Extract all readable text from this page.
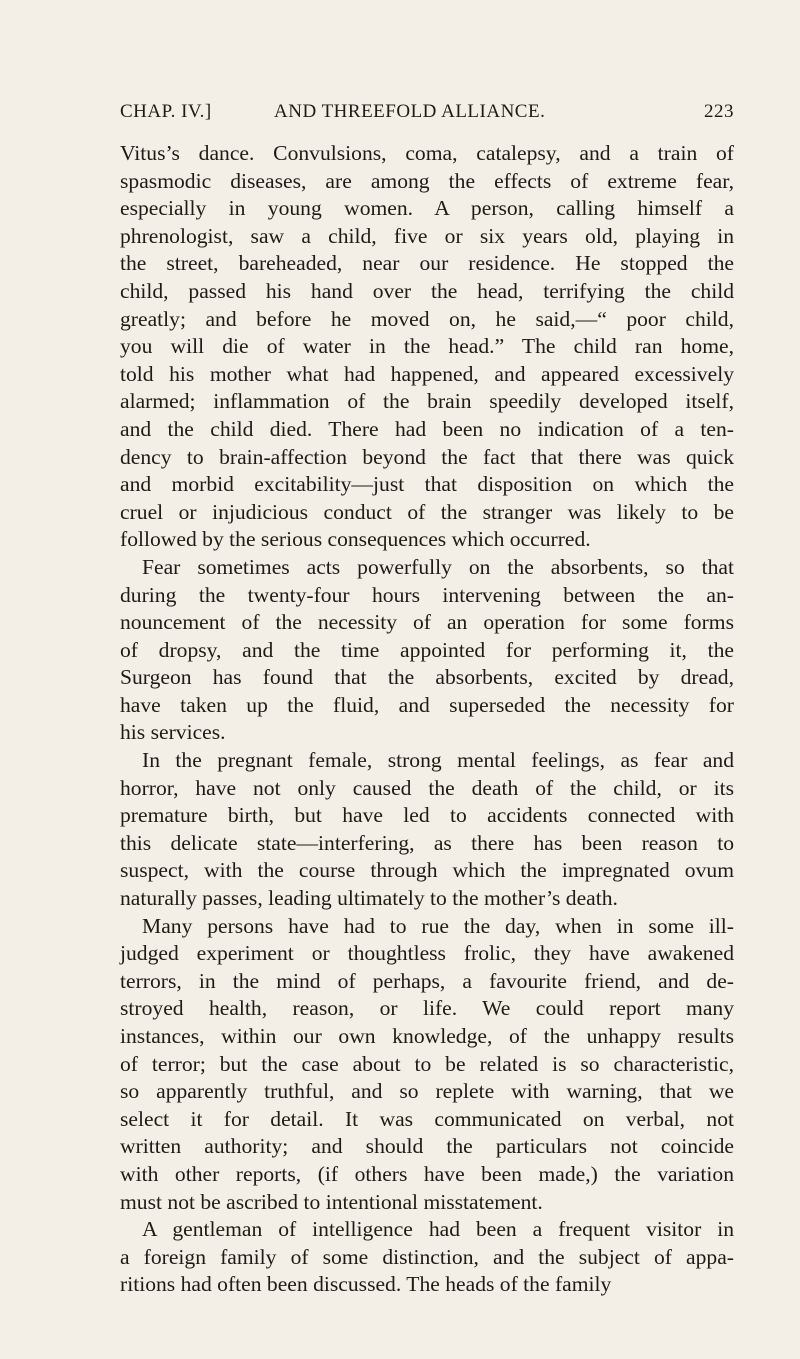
CHAP. IV.]	AND THREEFOLD ALLIANCE.	223
Vitus’s dance. Convulsions, coma, catalepsy, and a train of
spasmodic diseases, are among the effects of extreme fear,
especially in young women. A person, calling himself a
phrenologist, saw a child, five or six years old, playing in
the street, bareheaded, near our residence. He stopped the
child, passed his hand over the head, terrifying the child
greatly; and before he moved on, he said,—“ poor child,
you will die of water in the head.” The child ran home,
told his mother what had happened, and appeared excessively
alarmed; inflammation of the brain speedily developed itself,
and the child died. There had been no indication of a ten-
dency to brain-affection beyond the fact that there was quick
and morbid excitability—just that disposition on which the
cruel or injudicious conduct of the stranger was likely to be
followed by the serious consequences which occurred.
Fear sometimes acts powerfully on the absorbents, so that
during the twenty-four hours intervening between the an-
nouncement of the necessity of an operation for some forms
of dropsy, and the time appointed for performing it, the
Surgeon has found that the absorbents, excited by dread,
have taken up the fluid, and superseded the necessity for
his services.
In the pregnant female, strong mental feelings, as fear and
horror, have not only caused the death of the child, or its
premature birth, but have led to accidents connected with
this delicate state—interfering, as there has been reason to
suspect, with the course through which the impregnated ovum
naturally passes, leading ultimately to the mother’s death.
Many persons have had to rue the day, when in some ill-
judged experiment or thoughtless frolic, they have awakened
terrors, in the mind of perhaps, a favourite friend, and de-
stroyed health, reason, or life. We could report many
instances, within our own knowledge, of the unhappy results
of terror; but the case about to be related is so characteristic,
so apparently truthful, and so replete with warning, that we
select it for detail. It was communicated on verbal, not
written authority; and should the particulars not coincide
with other reports, (if others have been made,) the variation
must not be ascribed to intentional misstatement.
A gentleman of intelligence had been a frequent visitor in
a foreign family of some distinction, and the subject of appa-
ritions had often been discussed. The heads of the family
